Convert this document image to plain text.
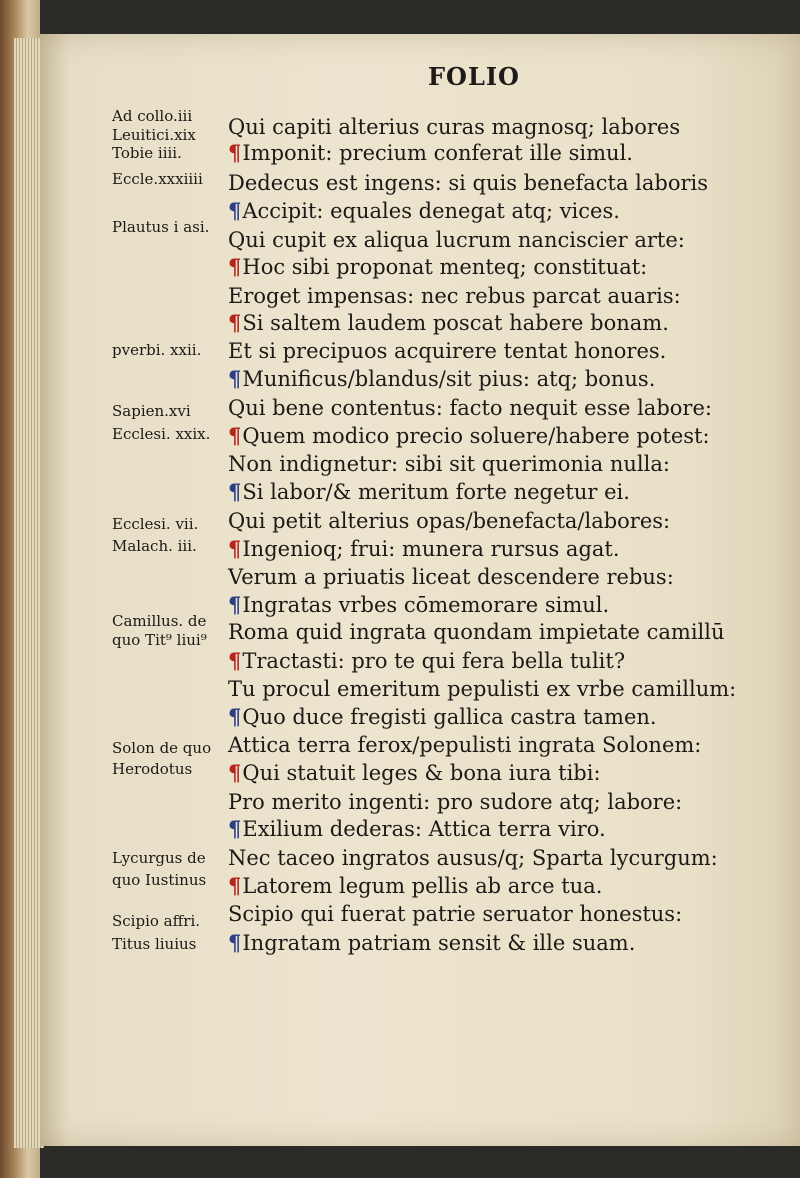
FOLIO
Ad collo.iii
Leuitici.xix
Tobie iiii.
Eccle.xxxiiii
Plautus i asi.
pverbi. xxii.
Sapien.xvi
Ecclesi. xxix.
Ecclesi. vii.
Malach. iii.
Camillus. de
quo Tit⁹ liui⁹
Solon de quo
Herodotus
Lycurgus de
quo Iustinus
Scipio affri.
Titus liuius
Qui capiti alterius curas magnosq; labores
¶Imponit: precium conferat ille simul.
Dedecus est ingens: si quis benefacta laboris
¶Accipit: equales denegat atq; vices.
Qui cupit ex aliqua lucrum nanciscier arte:
¶Hoc sibi proponat menteq; constituat:
Eroget impensas: nec rebus parcat auaris:
¶Si saltem laudem poscat habere bonam.
Et si precipuos acquirere tentat honores.
¶Munificus/blandus/sit pius: atq; bonus.
Qui bene contentus: facto nequit esse labore:
¶Quem modico precio soluere/habere potest:
Non indignetur: sibi sit querimonia nulla:
¶Si labor/& meritum forte negetur ei.
Qui petit alterius opas/benefacta/labores:
¶Ingenioq; frui: munera rursus agat.
Verum a priuatis liceat descendere rebus:
¶Ingratas vrbes cōmemorare simul.
Roma quid ingrata quondam impietate camillū
¶Tractasti: pro te qui fera bella tulit?
Tu procul emeritum pepulisti ex vrbe camillum:
¶Quo duce fregisti gallica castra tamen.
Attica terra ferox/pepulisti ingrata Solonem:
¶Qui statuit leges & bona iura tibi:
Pro merito ingenti: pro sudore atq; labore:
¶Exilium dederas: Attica terra viro.
Nec taceo ingratos ausus/q; Sparta lycurgum:
¶Latorem legum pellis ab arce tua.
Scipio qui fuerat patrie seruator honestus:
¶Ingratam patriam sensit & ille suam.
